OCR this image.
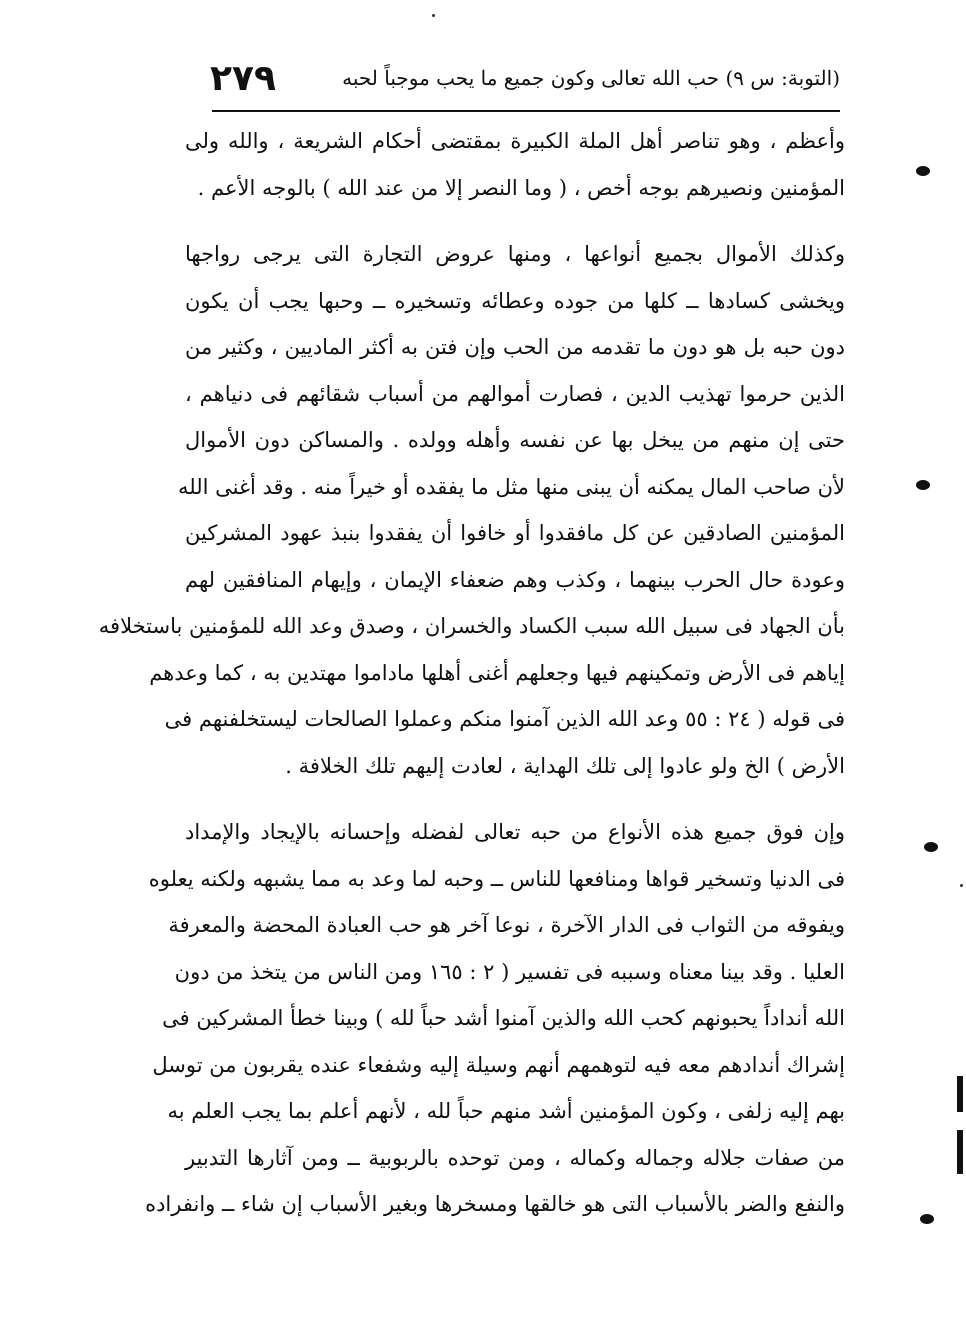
٢٧٩	(التوبة: س ٩) حب الله تعالى وكون جميع ما يحب موجباً لحبه
وأعظم ، وهو تناصر أهل الملة الكبيرة بمقتضى أحكام الشريعة ، والله ولى
المؤمنين ونصيرهم بوجه أخص ، ( وما النصر إلا من عند الله ) بالوجه الأعم .
وكذلك الأموال بجميع أنواعها ، ومنها عروض التجارة التى يرجى رواجها
ويخشى كسادها ــ كلها من جوده وعطائه وتسخيره ــ وحبها يجب أن يكون
دون حبه بل هو دون ما تقدمه من الحب وإن فتن به أكثر الماديين ، وكثير من
الذين حرموا تهذيب الدين ، فصارت أموالهم من أسباب شقائهم فى دنياهم ،
حتى إن منهم من يبخل بها عن نفسه وأهله وولده . والمساكن دون الأموال
لأن صاحب المال يمكنه أن يبنى منها مثل ما يفقده أو خيراً منه . وقد أغنى الله
المؤمنين الصادقين عن كل مافقدوا أو خافوا أن يفقدوا بنبذ عهود المشركين
وعودة حال الحرب بينهما ، وكذب وهم ضعفاء الإيمان ، وإيهام المنافقين لهم
بأن الجهاد فى سبيل الله سبب الكساد والخسران ، وصدق وعد الله للمؤمنين باستخلافه
إياهم فى الأرض وتمكينهم فيها وجعلهم أغنى أهلها ماداموا مهتدين به ، كما وعدهم
فى قوله ( ٢٤ : ٥٥ وعد الله الذين آمنوا منكم وعملوا الصالحات ليستخلفنهم فى
الأرض ) الخ ولو عادوا إلى تلك الهداية ، لعادت إليهم تلك الخلافة .
وإن فوق جميع هذه الأنواع من حبه تعالى لفضله وإحسانه بالإيجاد والإمداد
فى الدنيا وتسخير قواها ومنافعها للناس ــ وحبه لما وعد به مما يشبهه ولكنه يعلوه
ويفوقه من الثواب فى الدار الآخرة ، نوعا آخر هو حب العبادة المحضة والمعرفة
العليا . وقد بينا معناه وسببه فى تفسير ( ٢ : ١٦٥ ومن الناس من يتخذ من دون
الله أنداداً يحبونهم كحب الله والذين آمنوا أشد حباً لله ) وبينا خطأ المشركين فى
إشراك أندادهم معه فيه لتوهمهم أنهم وسيلة إليه وشفعاء عنده يقربون من توسل
بهم إليه زلفى ، وكون المؤمنين أشد منهم حباً لله ، لأنهم أعلم بما يجب العلم به
من صفات جلاله وجماله وكماله ، ومن توحده بالربوبية ــ ومن آثارها التدبير
والنفع والضر بالأسباب التى هو خالقها ومسخرها وبغير الأسباب إن شاء ــ وانفراده
